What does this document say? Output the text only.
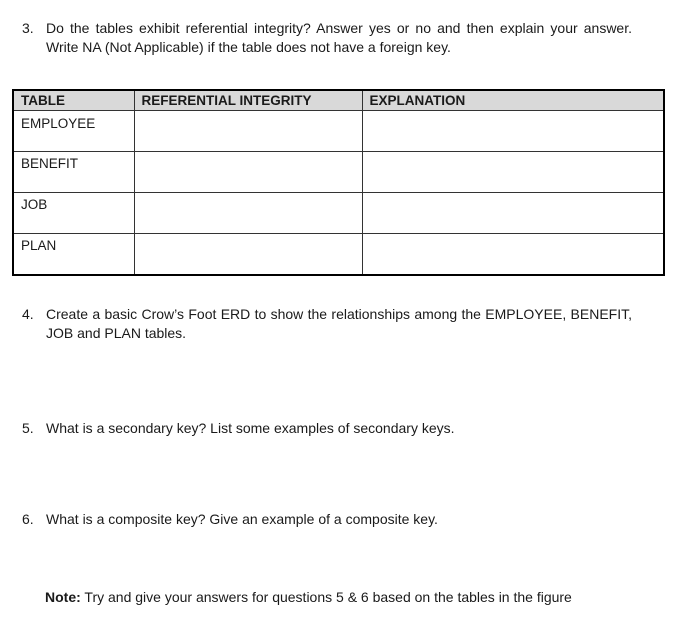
3. Do the tables exhibit referential integrity? Answer yes or no and then explain your answer. Write NA (Not Applicable) if the table does not have a foreign key.
TABLE	REFERENTIAL INTEGRITY	EXPLANATION
EMPLOYEE		
BENEFIT		
JOB		
PLAN		
4. Create a basic Crow’s Foot ERD to show the relationships among the EMPLOYEE, BENEFIT, JOB and PLAN tables.
5. What is a secondary key? List some examples of secondary keys.
6. What is a composite key? Give an example of a composite key.
Note: Try and give your answers for questions 5 & 6 based on the tables in the figure
